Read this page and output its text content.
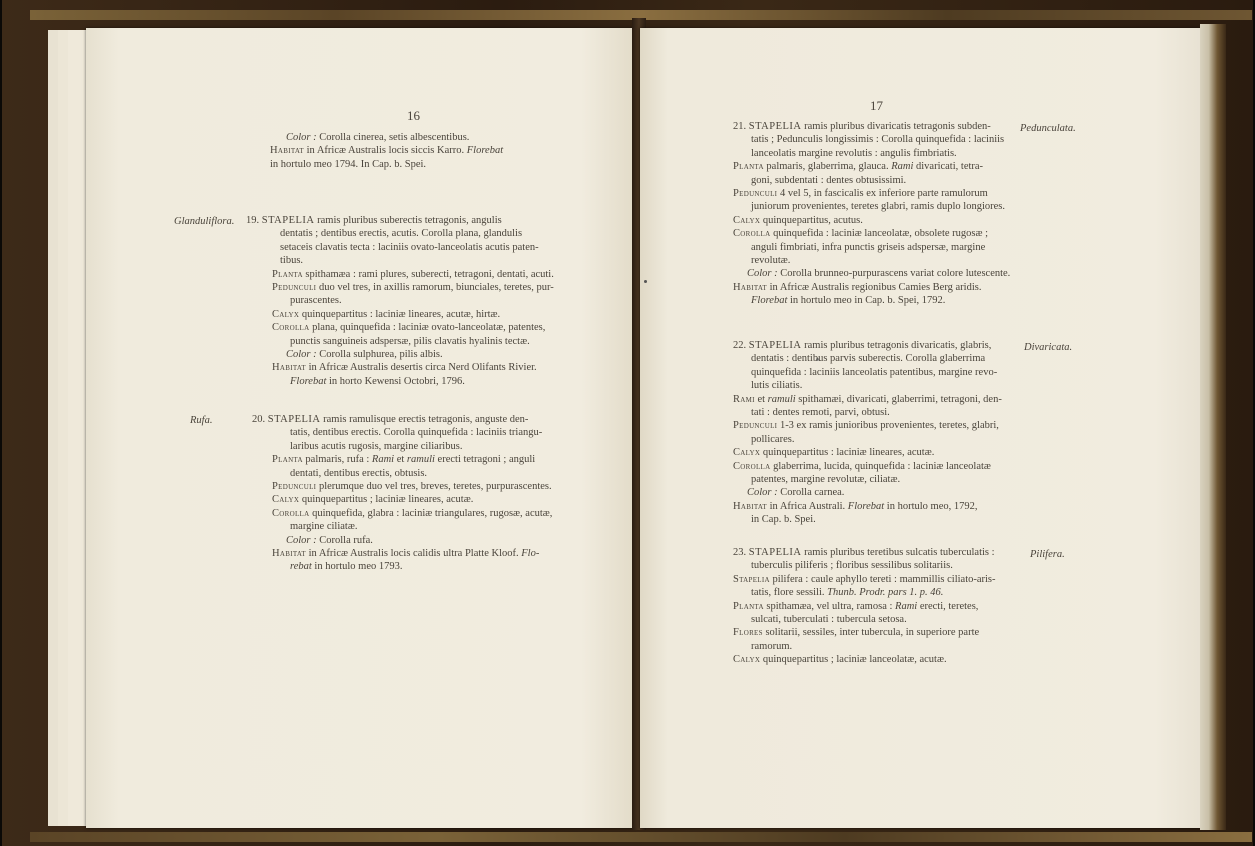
16

Color : Corolla cinerea, setis albescentibus.

Habitat in Africæ Australis locis siccis Karro. Florebat

in hortulo meo 1794. In Cap. b. Spei.

Glanduliflora. 19. STAPELIA ramis pluribus suberectis tetragonis, angulis

dentatis ; dentibus erectis, acutis. Corolla plana, glandulis

setaceis clavatis tecta : laciniis ovato-lanceolatis acutis paten-

tibus.

Planta spithamæa : rami plures, suberecti, tetragoni, dentati, acuti.

Pedunculi duo vel tres, in axillis ramorum, biunciales, teretes, pur-

purascentes.

Calyx quinquepartitus : laciniæ lineares, acutæ, hirtæ.

Corolla plana, quinquefida : laciniæ ovato-lanceolatæ, patentes,

punctis sanguineis adspersæ, pilis clavatis hyalinis tectæ.

Color : Corolla sulphurea, pilis albis.

Habitat in Africæ Australis desertis circa Nerd Olifants Rivier.

Florebat in horto Kewensi Octobri, 1796.

Rufa.	20. STAPELIA ramis ramulisque erectis tetragonis, anguste den-

tatis, dentibus erectis. Corolla quinquefida : laciniis triangu-

laribus acutis rugosis, margine ciliaribus.

Planta palmaris, rufa : Rami et ramuli erecti tetragoni ; anguli

dentati, dentibus erectis, obtusis.

Pedunculi plerumque duo vel tres, breves, teretes, purpurascentes.

Calyx quinquepartitus ; laciniæ lineares, acutæ.

Corolla quinquefida, glabra : laciniæ triangulares, rugosæ, acutæ,

margine ciliatæ.

Color : Corolla rufa.

Habitat in Africæ Australis locis calidis ultra Platte Kloof. Flo-

rebat in hortulo meo 1793.

17

21. STAPELIA ramis pluribus divaricatis tetragonis subden-

tatis ; Pedunculis longissimis : Corolla quinquefida : laciniis

lanceolatis margine revolutis : angulis fimbriatis.

Planta palmaris, glaberrima, glauca. Rami divaricati, tetra-

goni, subdentati : dentes obtusissimi.

Pedunculi 4 vel 5, in fascicalis ex inferiore parte ramulorum

juniorum provenientes, teretes glabri, ramis duplo longiores.

Calyx quinquepartitus, acutus.

Corolla quinquefida : laciniæ lanceolatæ, obsolete rugosæ ;

anguli fimbriati, infra punctis griseis adspersæ, margine

revolutæ.

Color : Corolla brunneo-purpurascens variat colore lutescente.

Habitat in Africæ Australis regionibus Camies Berg aridis.

Florebat in hortulo meo in Cap. b. Spei, 1792.

Pedunculata.

22. STAPELIA ramis pluribus tetragonis divaricatis, glabris,

dentatis : dentibus parvis suberectis. Corolla glaberrima

quinquefida : laciniis lanceolatis patentibus, margine revo-

lutis ciliatis.

Rami et ramuli spithamæi, divaricati, glaberrimi, tetragoni, den-

tati : dentes remoti, parvi, obtusi.

Pedunculi 1-3 ex ramis junioribus provenientes, teretes, glabri,

pollicares.

Calyx quinquepartitus : laciniæ lineares, acutæ.

Corolla glaberrima, lucida, quinquefida : laciniæ lanceolatæ

patentes, margine revolutæ, ciliatæ.

Color : Corolla carnea.

Habitat in Africa Australi. Florebat in hortulo meo, 1792,

in Cap. b. Spei.

Divaricata.

23. STAPELIA ramis pluribus teretibus sulcatis tuberculatis :

tuberculis piliferis ; floribus sessilibus solitariis.

Stapelia pilifera : caule aphyllo tereti : mammillis ciliato-aris-

tatis, flore sessili. Thunb. Prodr. pars 1. p. 46.

Planta spithamæa, vel ultra, ramosa : Rami erecti, teretes,

sulcati, tuberculati : tubercula setosa.

Flores solitarii, sessiles, inter tubercula, in superiore parte

ramorum.

Calyx quinquepartitus ; laciniæ lanceolatæ, acutæ.

Pilifera.
